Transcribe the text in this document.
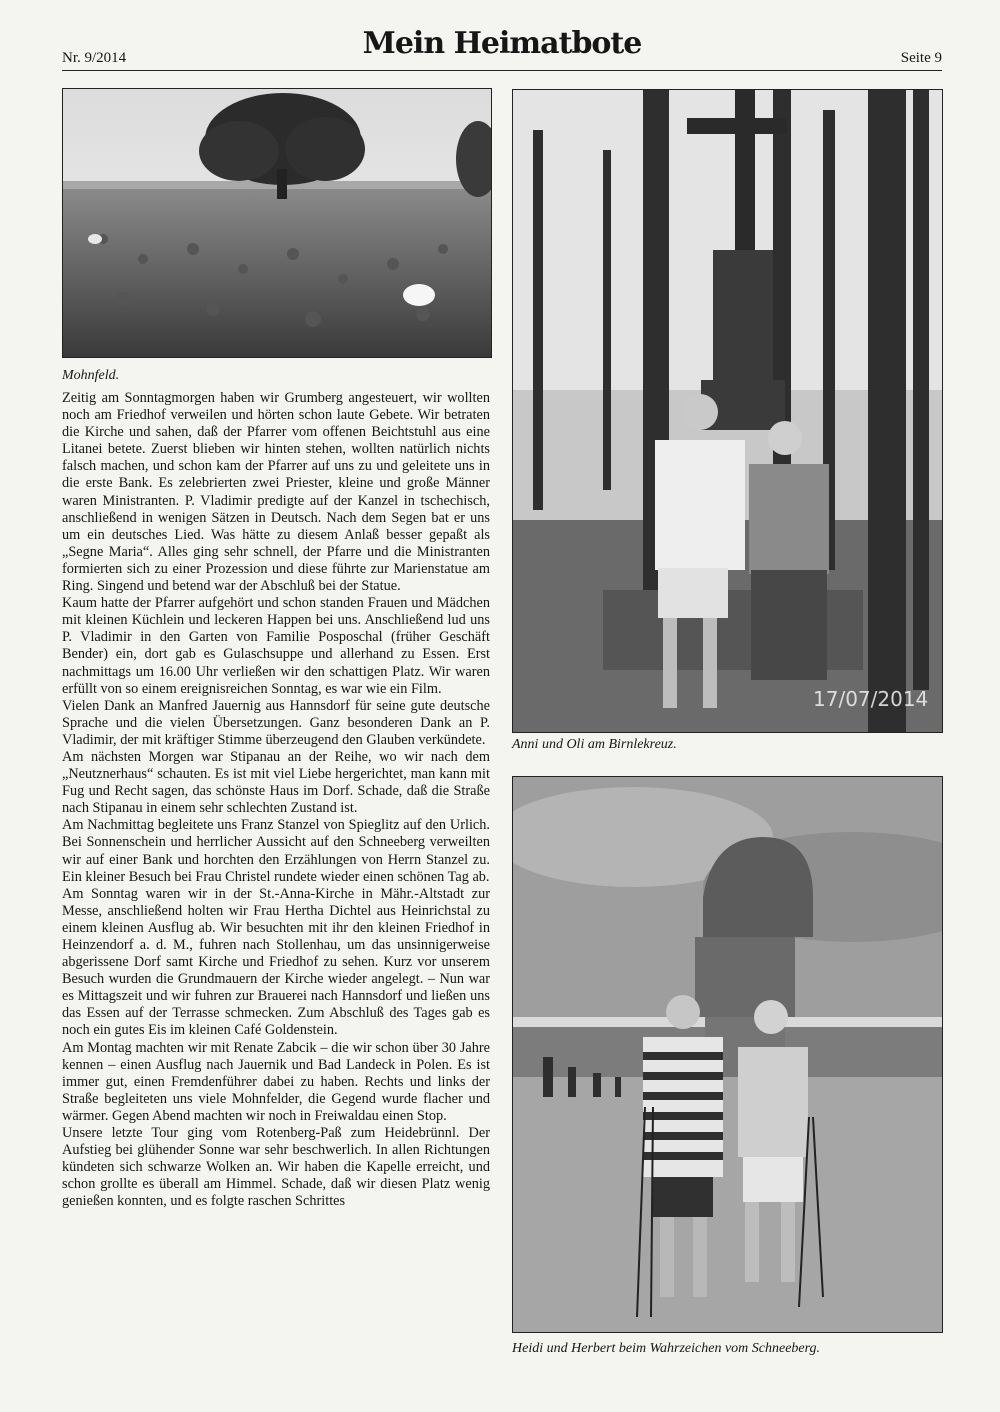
Nr. 9/2014	Mein Heimatbote	Seite 9
Mohnfeld.
17/07/2014
Anni und Oli am Birnlekreuz.
Heidi und Herbert beim Wahrzeichen vom Schneeberg.

Zeitig am Sonntagmorgen haben wir Grumberg angesteuert, wir wollten noch am Friedhof verweilen und hörten schon laute Gebete. Wir betraten die Kirche und sahen, daß der Pfarrer vom offenen Beichtstuhl aus eine Litanei betete. Zuerst blieben wir hinten stehen, wollten natürlich nichts falsch machen, und schon kam der Pfarrer auf uns zu und geleitete uns in die erste Bank. Es zelebrierten zwei Priester, kleine und große Männer waren Ministranten. P. Vladimir predigte auf der Kanzel in tschechisch, anschließend in wenigen Sätzen in Deutsch. Nach dem Segen bat er uns um ein deutsches Lied. Was hätte zu diesem Anlaß besser gepaßt als „Segne Maria“. Alles ging sehr schnell, der Pfarre und die Ministranten formierten sich zu einer Prozession und diese führte zur Marienstatue am Ring. Singend und betend war der Abschluß bei der Statue.

Kaum hatte der Pfarrer aufgehört und schon standen Frauen und Mädchen mit kleinen Küchlein und leckeren Happen bei uns. Anschließend lud uns P. Vladimir in den Garten von Familie Posposchal (früher Geschäft Bender) ein, dort gab es Gulaschsuppe und allerhand zu Essen. Erst nachmittags um 16.00 Uhr verließen wir den schattigen Platz. Wir waren erfüllt von so einem ereignisreichen Sonntag, es war wie ein Film.

Vielen Dank an Manfred Jauernig aus Hannsdorf für seine gute deutsche Sprache und die vielen Übersetzungen. Ganz besonderen Dank an P. Vladimir, der mit kräftiger Stimme überzeugend den Glauben verkündete.

Am nächsten Morgen war Stipanau an der Reihe, wo wir nach dem „Neutznerhaus“ schauten. Es ist mit viel Liebe hergerichtet, man kann mit Fug und Recht sagen, das schönste Haus im Dorf. Schade, daß die Straße nach Stipanau in einem sehr schlechten Zustand ist.

Am Nachmittag begleitete uns Franz Stanzel von Spieglitz auf den Urlich. Bei Sonnenschein und herrlicher Aussicht auf den Schneeberg verweilten wir auf einer Bank und horchten den Erzählungen von Herrn Stanzel zu. Ein kleiner Besuch bei Frau Christel rundete wieder einen schönen Tag ab.

Am Sonntag waren wir in der St.-Anna-Kirche in Mähr.-Altstadt zur Messe, anschließend holten wir Frau Hertha Dichtel aus Heinrichstal zu einem kleinen Ausflug ab. Wir besuchten mit ihr den kleinen Friedhof in Heinzendorf a. d. M., fuhren nach Stollenhau, um das unsinnigerweise abgerissene Dorf samt Kirche und Friedhof zu sehen. Kurz vor unserem Besuch wurden die Grundmauern der Kirche wieder angelegt. – Nun war es Mittagszeit und wir fuhren zur Brauerei nach Hannsdorf und ließen uns das Essen auf der Terrasse schmecken. Zum Abschluß des Tages gab es noch ein gutes Eis im kleinen Café Goldenstein.

Am Montag machten wir mit Renate Zabcik – die wir schon über 30 Jahre kennen – einen Ausflug nach Jauernik und Bad Landeck in Polen. Es ist immer gut, einen Fremdenführer dabei zu haben. Rechts und links der Straße begleiteten uns viele Mohnfelder, die Gegend wurde flacher und wärmer. Gegen Abend machten wir noch in Freiwaldau einen Stop.

Unsere letzte Tour ging vom Rotenberg-Paß zum Heidebrünnl. Der Aufstieg bei glühender Sonne war sehr beschwerlich. In allen Richtungen kündeten sich schwarze Wolken an. Wir haben die Kapelle erreicht, und schon grollte es überall am Himmel. Schade, daß wir diesen Platz wenig genießen konnten, und es folgte raschen Schrittes
